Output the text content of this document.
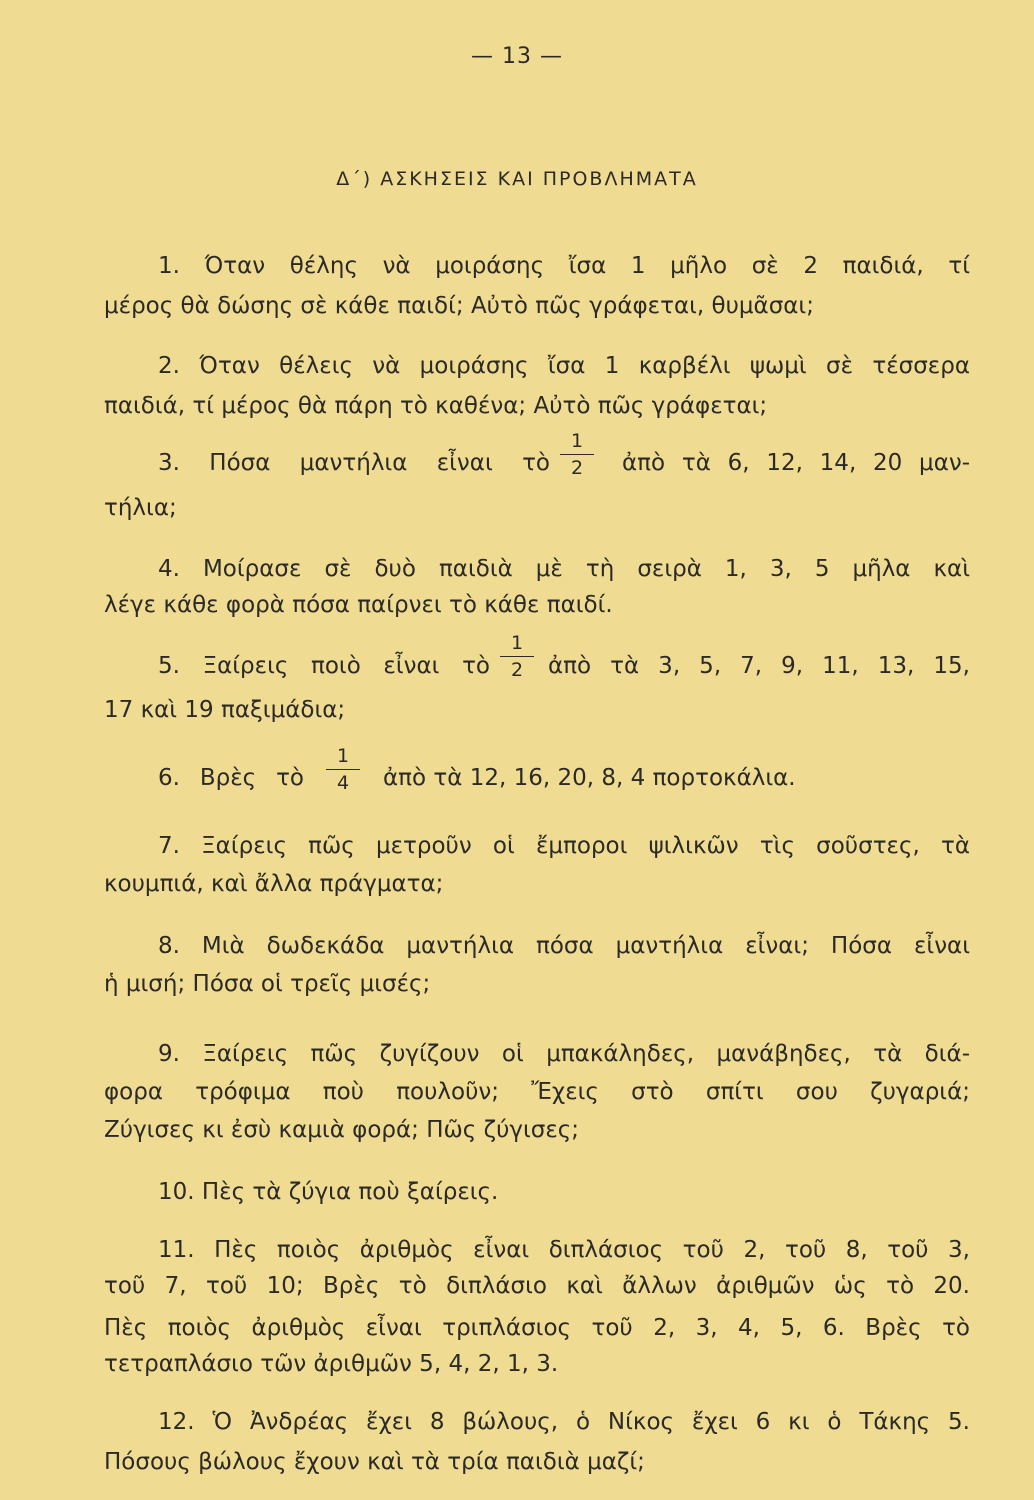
— 13 —
Δ΄) ΑΣΚΗΣΕΙΣ ΚΑΙ ΠΡΟΒΛΗΜΑΤΑ
1. Όταν θέλης νὰ μοιράσης ἴσα 1 μῆλο σὲ 2 παιδιά, τί
μέρος θὰ δώσης σὲ κάθε παιδί; Αὐτὸ πῶς γράφεται, θυμᾶσαι;
2. Όταν θέλεις νὰ μοιράσης ἴσα 1 καρβέλι ψωμὶ σὲ τέσσερα
παιδιά, τί μέρος θὰ πάρη τὸ καθένα; Αὐτὸ πῶς γράφεται;
3. Πόσα μαντήλια εἶναι τὸ
1
2	ἀπὸ τὰ 6, 12, 14, 20 μαν-
τήλια;
4. Μοίρασε σὲ δυὸ παιδιὰ μὲ τὴ σειρὰ 1, 3, 5 μῆλα καὶ
λέγε κάθε φορὰ πόσα παίρνει τὸ κάθε παιδί.
5. Ξαίρεις ποιὸ εἶναι τὸ
1
2	ἀπὸ τὰ 3, 5, 7, 9, 11, 13, 15,
17 καὶ 19 παξιμάδια;
6. Βρὲς τὸ
1
4	ἀπὸ τὰ 12, 16, 20, 8, 4 πορτοκάλια.
7. Ξαίρεις πῶς μετροῦν οἱ ἔμποροι ψιλικῶν τὶς σοῦστες, τὰ
κουμπιά, καὶ ἄλλα πράγματα;
8. Μιὰ δωδεκάδα μαντήλια πόσα μαντήλια εἶναι; Πόσα εἶναι
ἡ μισή; Πόσα οἱ τρεῖς μισές;
9. Ξαίρεις πῶς ζυγίζουν οἱ μπακάληδες, μανάβηδες, τὰ διά-
φορα τρόφιμα ποὺ πουλοῦν; Ἔχεις στὸ σπίτι σου ζυγαριά;
Ζύγισες κι ἐσὺ καμιὰ φορά; Πῶς ζύγισες;
10. Πὲς τὰ ζύγια ποὺ ξαίρεις.
11. Πὲς ποιὸς ἀριθμὸς εἶναι διπλάσιος τοῦ 2, τοῦ 8, τοῦ 3,
τοῦ 7, τοῦ 10; Βρὲς τὸ διπλάσιο καὶ ἄλλων ἀριθμῶν ὡς τὸ 20.
Πὲς ποιὸς ἀριθμὸς εἶναι τριπλάσιος τοῦ 2, 3, 4, 5, 6. Βρὲς τὸ
τετραπλάσιο τῶν ἀριθμῶν 5, 4, 2, 1, 3.
12. Ὁ Ἀνδρέας ἔχει 8 βώλους, ὁ Νίκος ἔχει 6 κι ὁ Τάκης 5.
Πόσους βώλους ἔχουν καὶ τὰ τρία παιδιὰ μαζί;
